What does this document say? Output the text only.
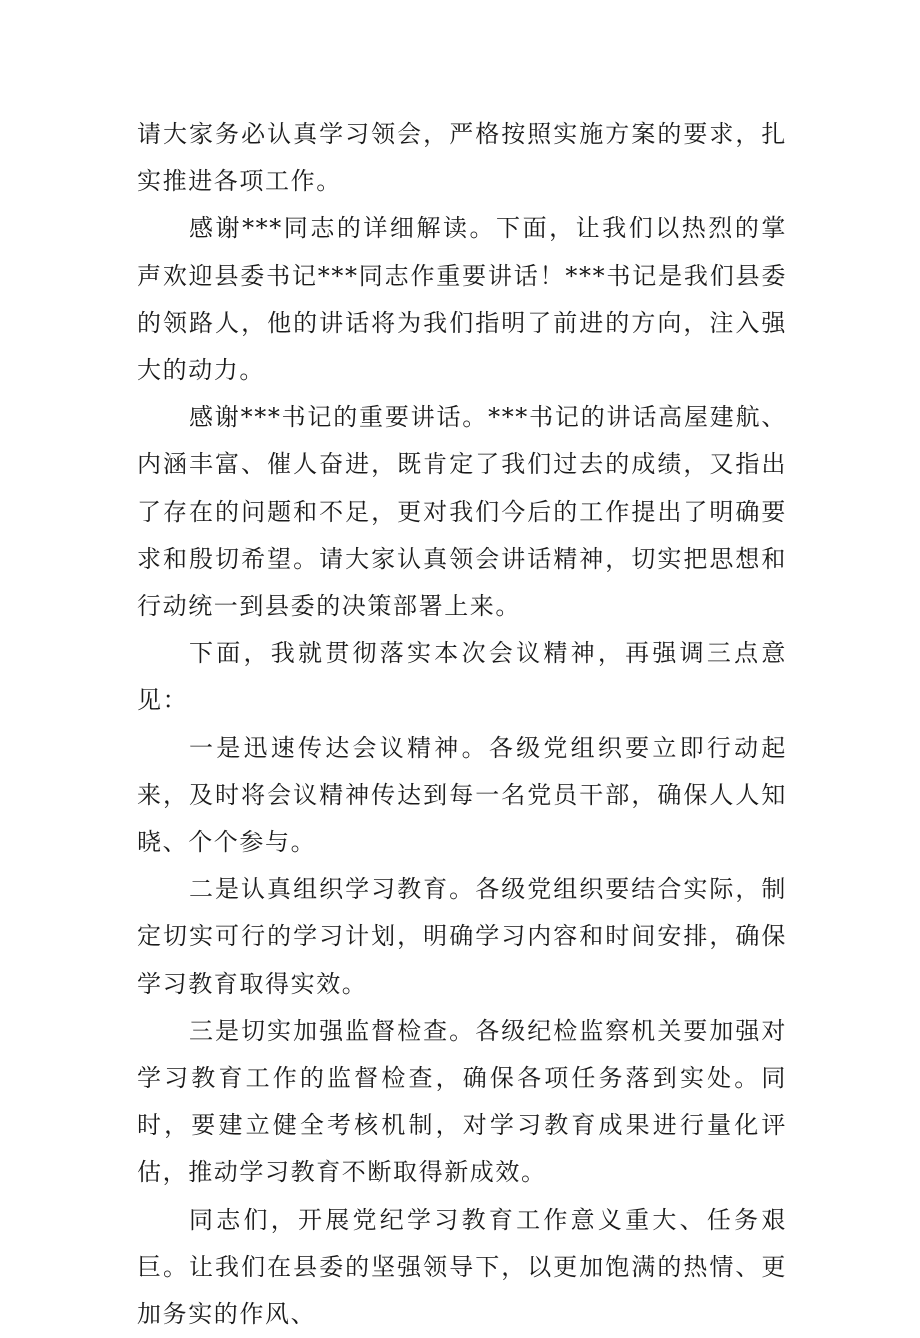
请大家务必认真学习领会，严格按照实施方案的要求，扎实推进各项工作。

感谢***同志的详细解读。下面，让我们以热烈的掌声欢迎县委书记***同志作重要讲话！***书记是我们县委的领路人，他的讲话将为我们指明了前进的方向，注入强大的动力。

感谢***书记的重要讲话。***书记的讲话高屋建航、内涵丰富、催人奋进，既肯定了我们过去的成绩，又指出了存在的问题和不足，更对我们今后的工作提出了明确要求和殷切希望。请大家认真领会讲话精神，切实把思想和行动统一到县委的决策部署上来。

下面，我就贯彻落实本次会议精神，再强调三点意见：

一是迅速传达会议精神。各级党组织要立即行动起来，及时将会议精神传达到每一名党员干部，确保人人知晓、个个参与。

二是认真组织学习教育。各级党组织要结合实际，制定切实可行的学习计划，明确学习内容和时间安排，确保学习教育取得实效。

三是切实加强监督检查。各级纪检监察机关要加强对学习教育工作的监督检查，确保各项任务落到实处。同时，要建立健全考核机制，对学习教育成果进行量化评估，推动学习教育不断取得新成效。

同志们，开展党纪学习教育工作意义重大、任务艰巨。让我们在县委的坚强领导下，以更加饱满的热情、更加务实的作风、
